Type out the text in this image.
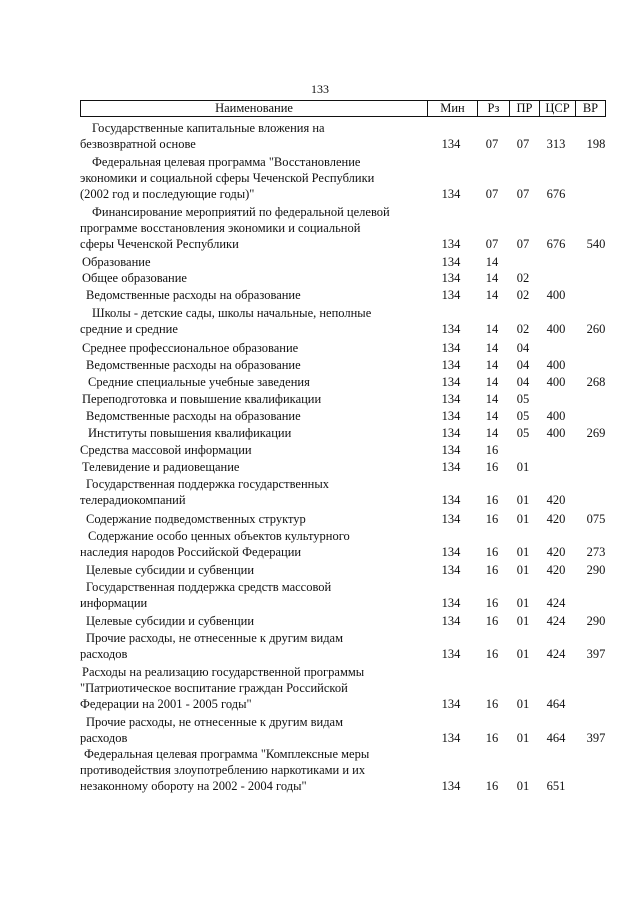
133
Наименование	Мин	Рз	ПР	ЦСР	ВР
Государственные капитальные вложения на
безвозвратной основе	134	07	07	313	198
Федеральная целевая программа "Восстановление
экономики и социальной сферы Чеченской Республики
(2002 год и последующие годы)"	134	07	07	676
Финансирование мероприятий по федеральной целевой
программе восстановления экономики и социальной
сферы Чеченской Республики	134	07	07	676	540
Образование	134	14
Общее образование	134	14	02
Ведомственные расходы на образование	134	14	02	400
Школы - детские сады, школы начальные, неполные
средние и средние	134	14	02	400	260
Среднее профессиональное образование	134	14	04
Ведомственные расходы на образование	134	14	04	400
Средние специальные учебные заведения	134	14	04	400	268
Переподготовка и повышение квалификации	134	14	05
Ведомственные расходы на образование	134	14	05	400
Институты повышения квалификации	134	14	05	400	269
Средства массовой информации	134	16
Телевидение и радиовещание	134	16	01
Государственная поддержка государственных
телерадиокомпаний	134	16	01	420
Содержание подведомственных структур	134	16	01	420	075
Содержание особо ценных объектов культурного
наследия народов Российской Федерации	134	16	01	420	273
Целевые субсидии и субвенции	134	16	01	420	290
Государственная поддержка средств массовой
информации	134	16	01	424
Целевые субсидии и субвенции	134	16	01	424	290
Прочие расходы, не отнесенные к другим видам
расходов	134	16	01	424	397
Расходы на реализацию государственной программы
"Патриотическое воспитание граждан Российской
Федерации на 2001 - 2005 годы"	134	16	01	464
Прочие расходы, не отнесенные к другим видам
расходов	134	16	01	464	397
Федеральная целевая программа "Комплексные меры
противодействия злоупотреблению наркотиками и их
незаконному обороту на 2002 - 2004 годы"	134	16	01	651
